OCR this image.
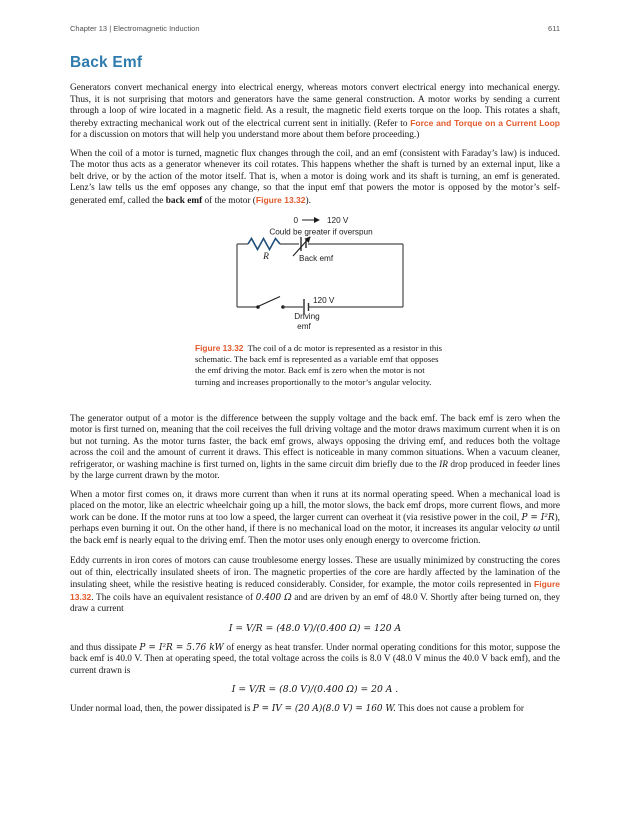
Chapter 13 | Electromagnetic Induction	611
Back Emf

Generators convert mechanical energy into electrical energy, whereas motors convert electrical energy into mechanical energy. Thus, it is not surprising that motors and generators have the same general construction. A motor works by sending a current through a loop of wire located in a magnetic field. As a result, the magnetic field exerts torque on the loop. This rotates a shaft, thereby extracting mechanical work out of the electrical current sent in initially. (Refer to Force and Torque on a Current Loop for a discussion on motors that will help you understand more about them before proceeding.)

When the coil of a motor is turned, magnetic flux changes through the coil, and an emf (consistent with Faraday’s law) is induced. The motor thus acts as a generator whenever its coil rotates. This happens whether the shaft is turned by an external input, like a belt drive, or by the action of the motor itself. That is, when a motor is doing work and its shaft is turning, an emf is generated. Lenz’s law tells us the emf opposes any change, so that the input emf that powers the motor is opposed by the motor’s self-generated emf, called the back emf of the motor (Figure 13.32).

0	120 V
Could be greater if overspun
R	Back emf
120 V
Driving
emf
Figure 13.32  The coil of a dc motor is represented as a resistor in this schematic. The back emf is represented as a variable emf that opposes the emf driving the motor. Back emf is zero when the motor is not turning and increases proportionally to the motor’s angular velocity.

The generator output of a motor is the difference between the supply voltage and the back emf. The back emf is zero when the motor is first turned on, meaning that the coil receives the full driving voltage and the motor draws maximum current when it is on but not turning. As the motor turns faster, the back emf grows, always opposing the driving emf, and reduces both the voltage across the coil and the amount of current it draws. This effect is noticeable in many common situations. When a vacuum cleaner, refrigerator, or washing machine is first turned on, lights in the same circuit dim briefly due to the IR drop produced in feeder lines by the large current drawn by the motor.

When a motor first comes on, it draws more current than when it runs at its normal operating speed. When a mechanical load is placed on the motor, like an electric wheelchair going up a hill, the motor slows, the back emf drops, more current flows, and more work can be done. If the motor runs at too low a speed, the larger current can overheat it (via resistive power in the coil, P = I²R), perhaps even burning it out. On the other hand, if there is no mechanical load on the motor, it increases its angular velocity ω until the back emf is nearly equal to the driving emf. Then the motor uses only enough energy to overcome friction.

Eddy currents in iron cores of motors can cause troublesome energy losses. These are usually minimized by constructing the cores out of thin, electrically insulated sheets of iron. The magnetic properties of the core are hardly affected by the lamination of the insulating sheet, while the resistive heating is reduced considerably. Consider, for example, the motor coils represented in Figure 13.32. The coils have an equivalent resistance of 0.400 Ω and are driven by an emf of 48.0 V. Shortly after being turned on, they draw a current

I = V/R = (48.0 V)/(0.400 Ω) = 120 A

and thus dissipate P = I²R = 5.76 kW of energy as heat transfer. Under normal operating conditions for this motor, suppose the back emf is 40.0 V. Then at operating speed, the total voltage across the coils is 8.0 V (48.0 V minus the 40.0 V back emf), and the current drawn is

I = V/R = (8.0 V)/(0.400 Ω) = 20 A .

Under normal load, then, the power dissipated is P = IV = (20 A)(8.0 V) = 160 W. This does not cause a problem for
